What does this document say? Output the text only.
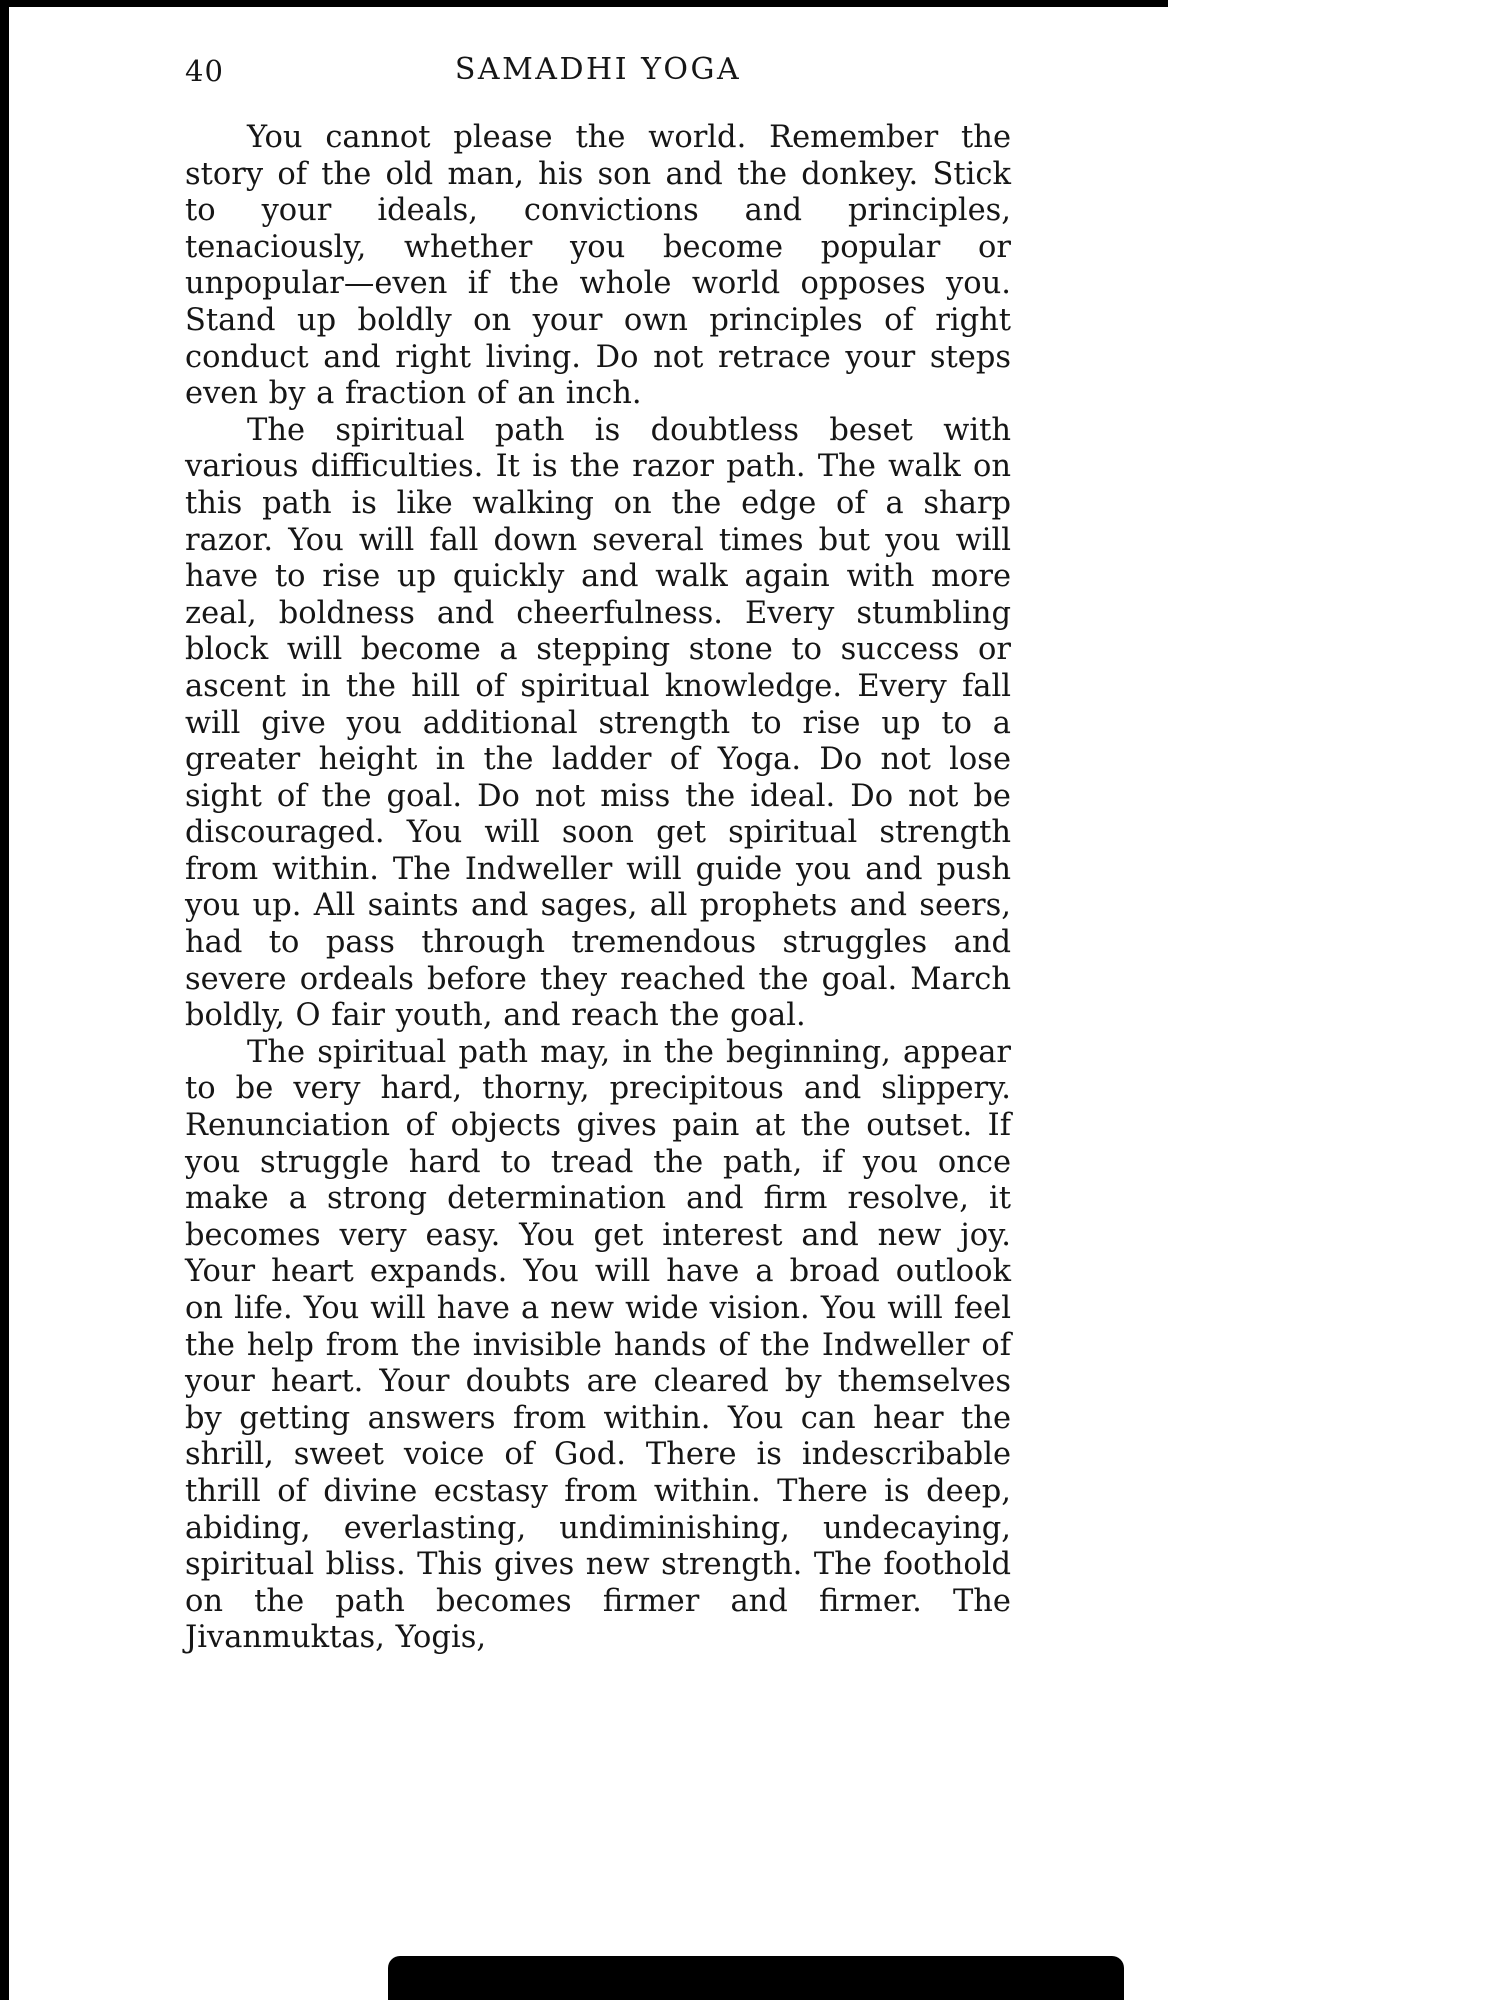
40	SAMADHI YOGA

You cannot please the world. Remember the story of the old man, his son and the donkey. Stick to your ideals, convictions and principles, tenaciously, whether you become popular or unpopular—even if the whole world opposes you. Stand up boldly on your own principles of right conduct and right living. Do not retrace your steps even by a fraction of an inch.

The spiritual path is doubtless beset with various difficulties. It is the razor path. The walk on this path is like walking on the edge of a sharp razor. You will fall down several times but you will have to rise up quickly and walk again with more zeal, boldness and cheerfulness. Every stumbling block will become a stepping stone to success or ascent in the hill of spiritual knowledge. Every fall will give you additional strength to rise up to a greater height in the ladder of Yoga. Do not lose sight of the goal. Do not miss the ideal. Do not be discouraged. You will soon get spiritual strength from within. The Indweller will guide you and push you up. All saints and sages, all prophets and seers, had to pass through tremendous struggles and severe ordeals before they reached the goal. March boldly, O fair youth, and reach the goal.

The spiritual path may, in the beginning, appear to be very hard, thorny, precipitous and slippery. Renunciation of objects gives pain at the outset. If you struggle hard to tread the path, if you once make a strong determination and firm resolve, it becomes very easy. You get interest and new joy. Your heart expands. You will have a broad outlook on life. You will have a new wide vision. You will feel the help from the invisible hands of the Indweller of your heart. Your doubts are cleared by themselves by getting answers from within. You can hear the shrill, sweet voice of God. There is indescribable thrill of divine ecstasy from within. There is deep, abiding, everlasting, undiminishing, undecaying, spiritual bliss. This gives new strength. The foothold on the path becomes firmer and firmer. The Jivanmuktas, Yogis,
